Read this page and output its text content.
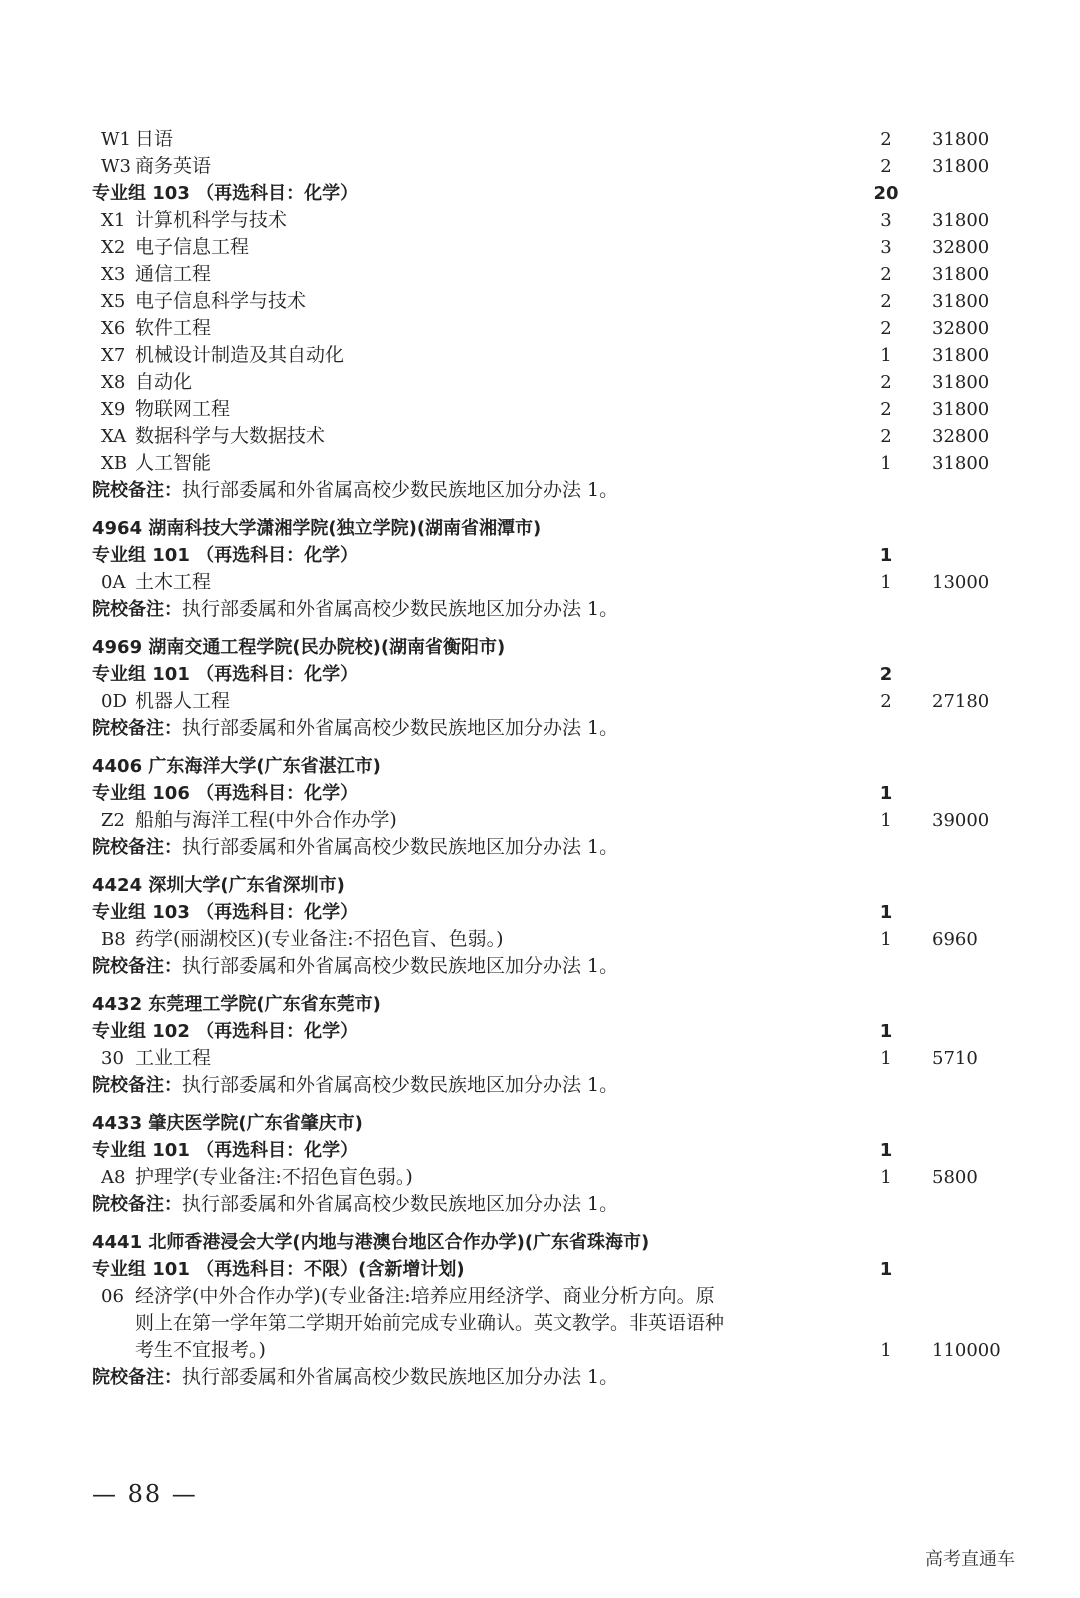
W1 日语	2	31800
W3 商务英语	2	31800
专业组 103 （再选科目：化学）	20
X1 计算机科学与技术	3	31800
X2 电子信息工程	3	32800
X3 通信工程	2	31800
X5 电子信息科学与技术	2	31800
X6 软件工程	2	32800
X7 机械设计制造及其自动化	1	31800
X8 自动化	2	31800
X9 物联网工程	2	31800
XA 数据科学与大数据技术	2	32800
XB 人工智能	1	31800
院校备注：执行部委属和外省属高校少数民族地区加分办法 1。
4964 湖南科技大学潇湘学院(独立学院)(湖南省湘潭市)
专业组 101 （再选科目：化学）	1
0A 土木工程	1	13000
院校备注：执行部委属和外省属高校少数民族地区加分办法 1。
4969 湖南交通工程学院(民办院校)(湖南省衡阳市)
专业组 101 （再选科目：化学）	2
0D 机器人工程	2	27180
院校备注：执行部委属和外省属高校少数民族地区加分办法 1。
4406 广东海洋大学(广东省湛江市)
专业组 106 （再选科目：化学）	1
Z2 船舶与海洋工程(中外合作办学)	1	39000
院校备注：执行部委属和外省属高校少数民族地区加分办法 1。
4424 深圳大学(广东省深圳市)
专业组 103 （再选科目：化学）	1
B8 药学(丽湖校区)(专业备注:不招色盲、色弱。)	1	6960
院校备注：执行部委属和外省属高校少数民族地区加分办法 1。
4432 东莞理工学院(广东省东莞市)
专业组 102 （再选科目：化学）	1
30 工业工程	1	5710
院校备注：执行部委属和外省属高校少数民族地区加分办法 1。
4433 肇庆医学院(广东省肇庆市)
专业组 101 （再选科目：化学）	1
A8 护理学(专业备注:不招色盲色弱。)	1	5800
院校备注：执行部委属和外省属高校少数民族地区加分办法 1。
4441 北师香港浸会大学(内地与港澳台地区合作办学)(广东省珠海市)
专业组 101 （再选科目：不限）(含新增计划)	1
06 经济学(中外合作办学)(专业备注:培养应用经济学、商业分析方向。原
则上在第一学年第二学期开始前完成专业确认。英文教学。非英语语种
考生不宜报考。)	1	110000
院校备注：执行部委属和外省属高校少数民族地区加分办法 1。
— 88 —
高考直通车
